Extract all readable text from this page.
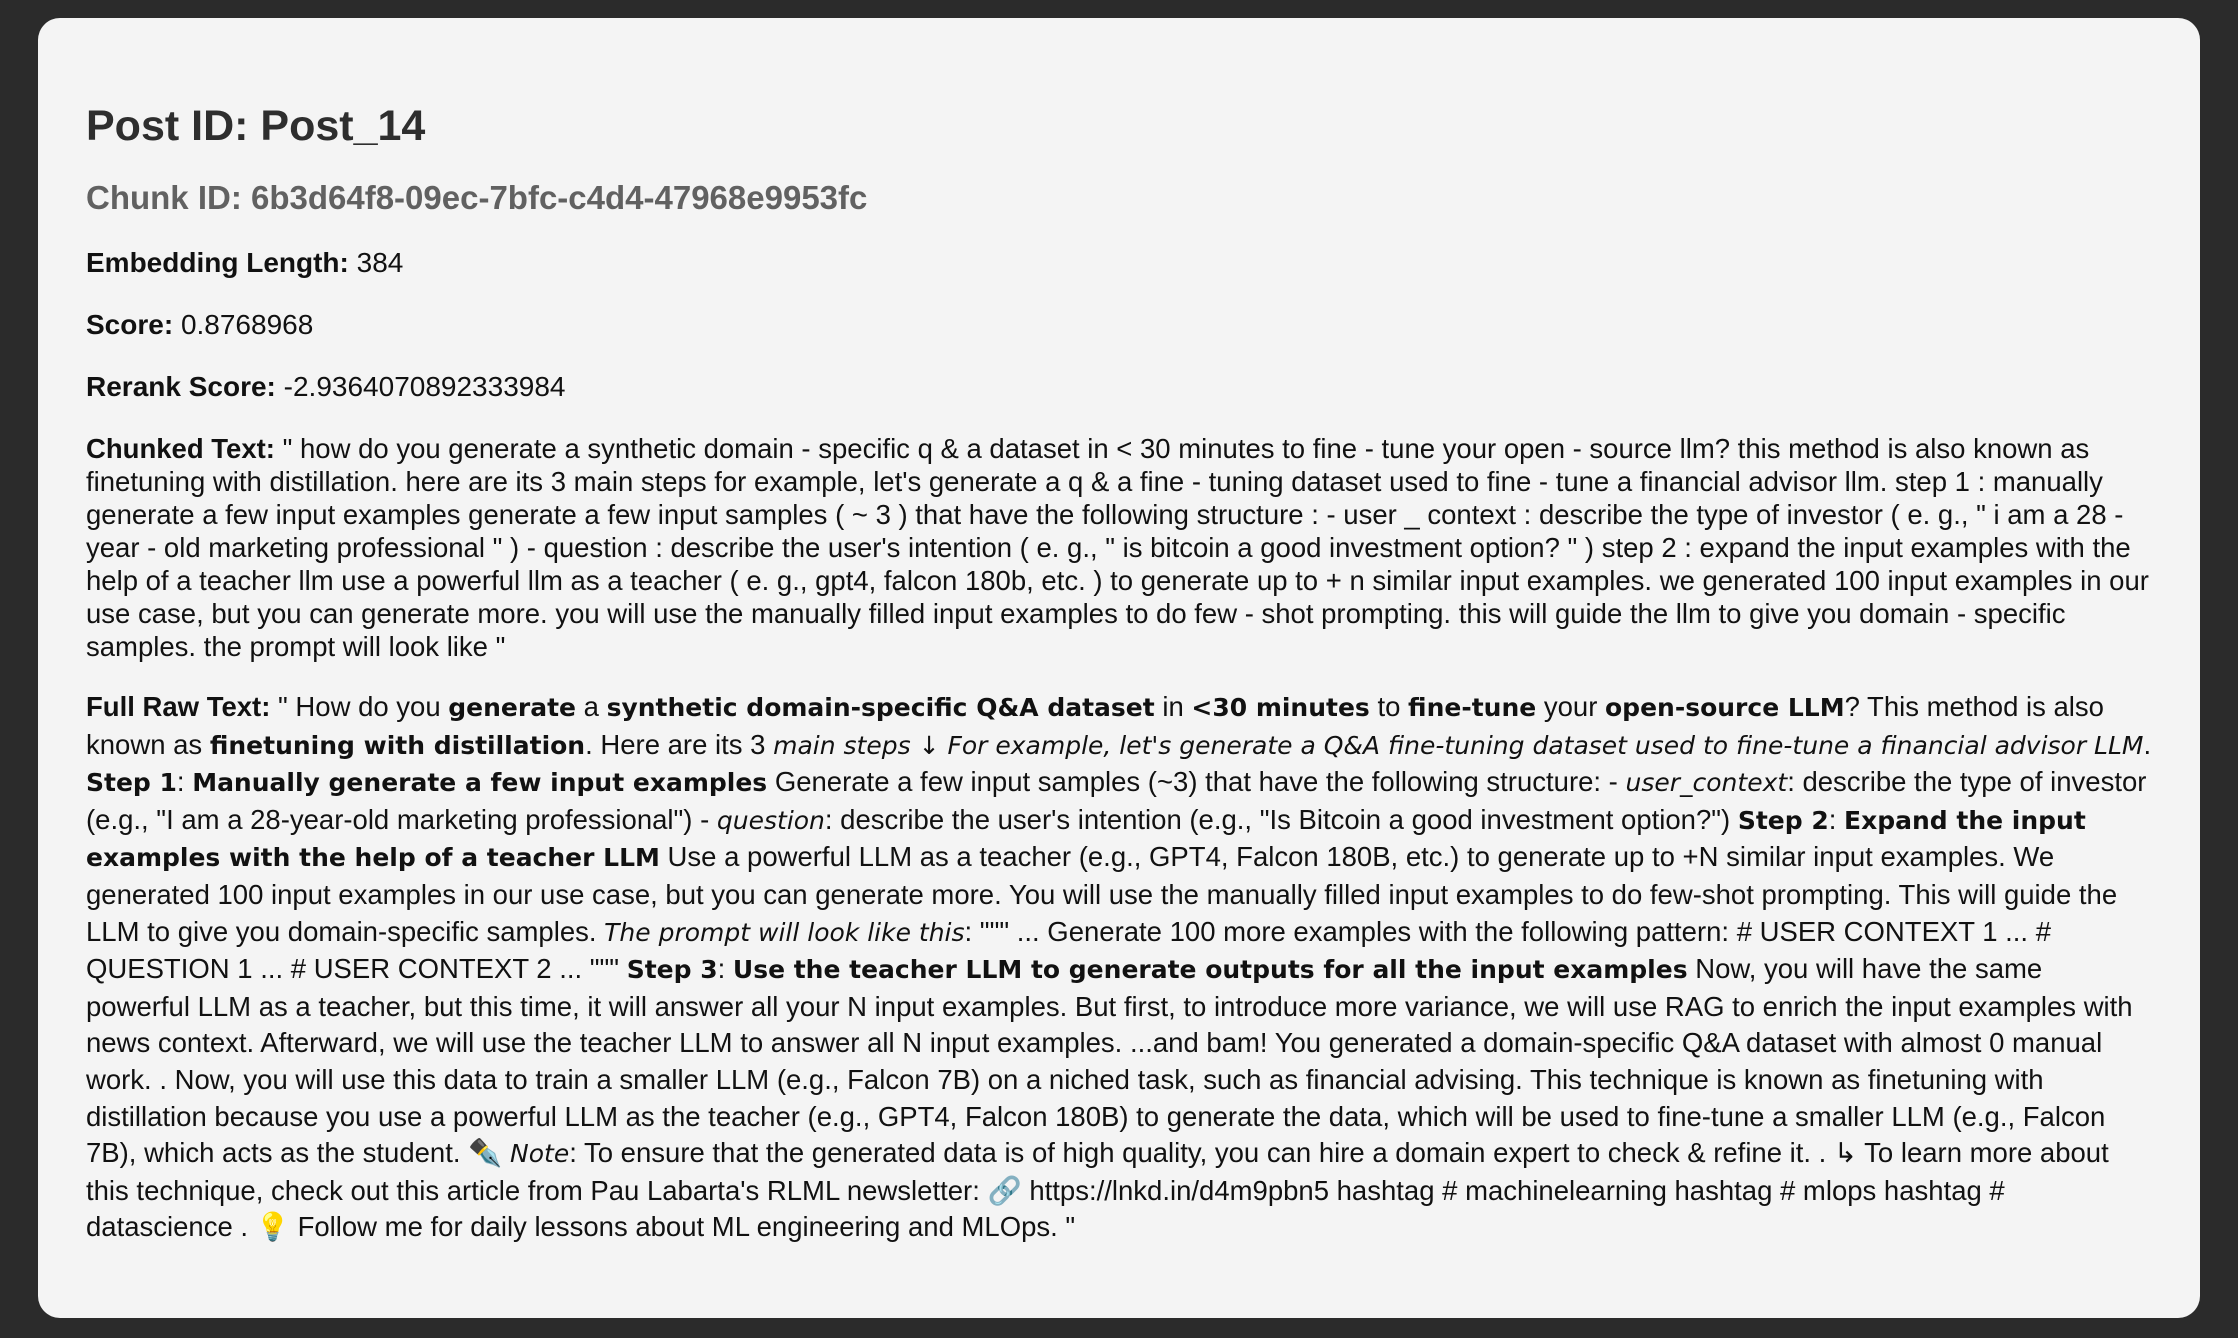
Post ID: Post_14
Chunk ID: 6b3d64f8-09ec-7bfc-c4d4-47968e9953fc

Embedding Length: 384

Score: 0.8768968

Rerank Score: -2.9364070892333984

Chunked Text: " how do you generate a synthetic domain - specific q & a dataset in < 30 minutes to fine - tune your open - source llm? this method is also known as finetuning with distillation. here are its 3 main steps for example, let's generate a q & a fine - tuning dataset used to fine - tune a financial advisor llm. step 1 : manually generate a few input examples generate a few input samples ( ~ 3 ) that have the following structure : - user _ context : describe the type of investor ( e. g., " i am a 28 - year - old marketing professional " ) - question : describe the user's intention ( e. g., " is bitcoin a good investment option? " ) step 2 : expand the input examples with the help of a teacher llm use a powerful llm as a teacher ( e. g., gpt4, falcon 180b, etc. ) to generate up to + n similar input examples. we generated 100 input examples in our use case, but you can generate more. you will use the manually filled input examples to do few - shot prompting. this will guide the llm to give you domain - specific samples. the prompt will look like "

Full Raw Text: " How do you generate a synthetic domain-specific Q&A dataset in <30 minutes to fine-tune your open-source LLM? This method is also known as finetuning with distillation. Here are its 3 main steps ↓ For example, let's generate a Q&A fine-tuning dataset used to fine-tune a financial advisor LLM. Step 1: Manually generate a few input examples Generate a few input samples (~3) that have the following structure: - user_context: describe the type of investor (e.g., "I am a 28-year-old marketing professional") - question: describe the user's intention (e.g., "Is Bitcoin a good investment option?") Step 2: Expand the input examples with the help of a teacher LLM Use a powerful LLM as a teacher (e.g., GPT4, Falcon 180B, etc.) to generate up to +N similar input examples. We generated 100 input examples in our use case, but you can generate more. You will use the manually filled input examples to do few-shot prompting. This will guide the LLM to give you domain-specific samples. The prompt will look like this: """ ... Generate 100 more examples with the following pattern: # USER CONTEXT 1 ... # QUESTION 1 ... # USER CONTEXT 2 ... """ Step 3: Use the teacher LLM to generate outputs for all the input examples Now, you will have the same powerful LLM as a teacher, but this time, it will answer all your N input examples. But first, to introduce more variance, we will use RAG to enrich the input examples with news context. Afterward, we will use the teacher LLM to answer all N input examples. ...and bam! You generated a domain-specific Q&A dataset with almost 0 manual work. . Now, you will use this data to train a smaller LLM (e.g., Falcon 7B) on a niched task, such as financial advising. This technique is known as finetuning with distillation because you use a powerful LLM as the teacher (e.g., GPT4, Falcon 180B) to generate the data, which will be used to fine-tune a smaller LLM (e.g., Falcon 7B), which acts as the student. ✒️ Note: To ensure that the generated data is of high quality, you can hire a domain expert to check & refine it. . ↳ To learn more about this technique, check out this article from Pau Labarta's RLML newsletter: 🔗 https://lnkd.in/d4m9pbn5 hashtag # machinelearning hashtag # mlops hashtag # datascience . 💡 Follow me for daily lessons about ML engineering and MLOps. "
